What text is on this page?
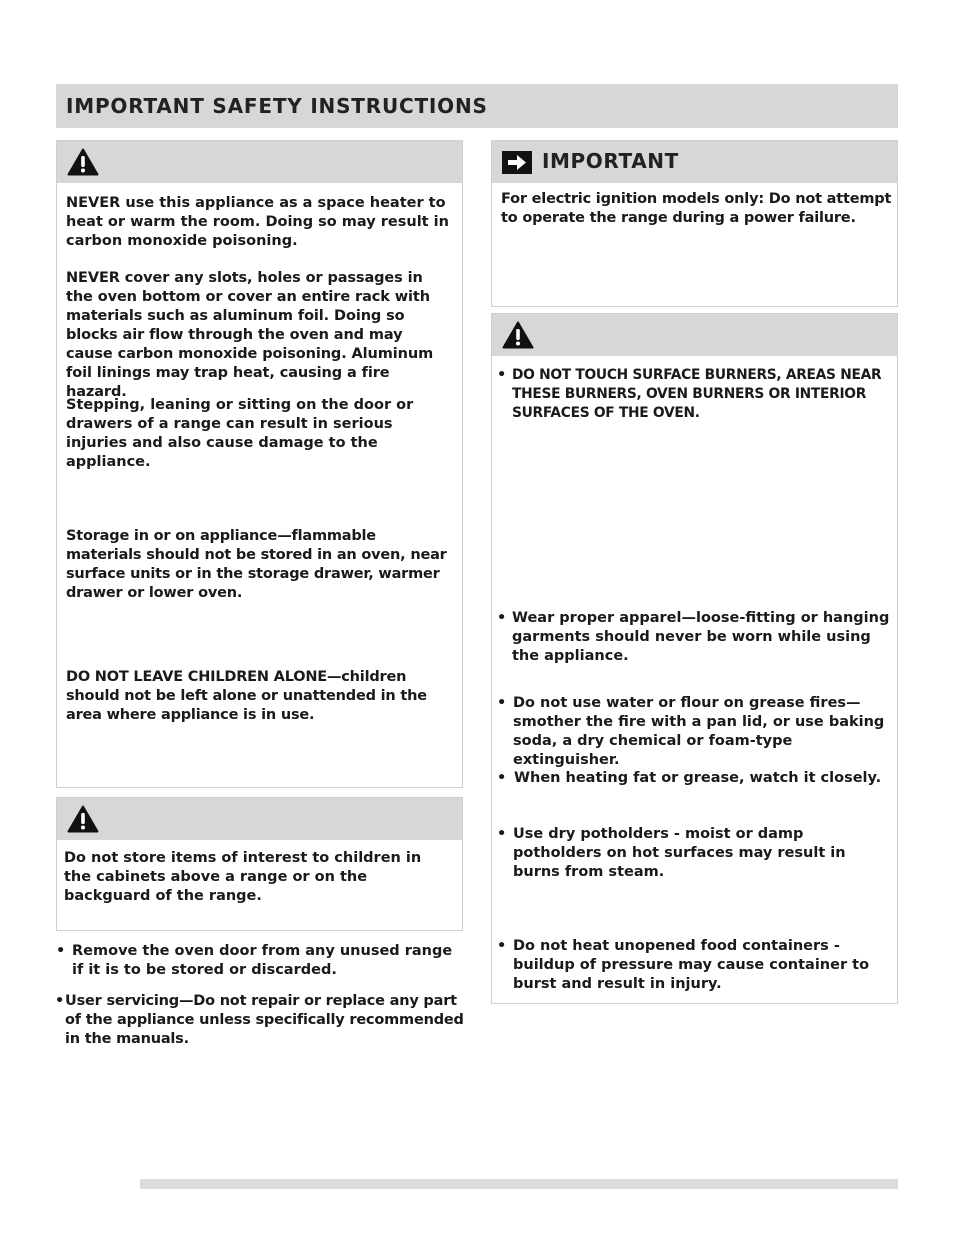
IMPORTANT SAFETY INSTRUCTIONS

NEVER use this appliance as a space heater to heat or warm the room. Doing so may result in carbon monoxide poisoning.

NEVER cover any slots, holes or passages in the oven bottom or cover an entire rack with materials such as aluminum foil. Doing so blocks air flow through the oven and may cause carbon monoxide poisoning. Aluminum foil linings may trap heat, causing a fire hazard.

Stepping, leaning or sitting on the door or drawers of a range can result in serious injuries and also cause damage to the appliance.

Storage in or on appliance—flammable materials should not be stored in an oven, near surface units or in the storage drawer, warmer drawer or lower oven.

DO NOT LEAVE CHILDREN ALONE—children should not be left alone or unattended in the area where appliance is in use.

Do not store items of interest to children in the cabinets above a range or on the backguard of the range.

• Remove the oven door from any unused range if it is to be stored or discarded.
• User servicing—Do not repair or replace any part of the appliance unless specifically recommended in the manuals.
IMPORTANT

For electric ignition models only: Do not attempt to operate the range during a power failure.

• DO NOT TOUCH SURFACE BURNERS, AREAS NEAR THESE BURNERS, OVEN BURNERS OR INTERIOR SURFACES OF THE OVEN.
• Wear proper apparel—loose-fitting or hanging garments should never be worn while using the appliance.
• Do not use water or flour on grease fires—smother the fire with a pan lid, or use baking soda, a dry chemical or foam-type extinguisher.
• When heating fat or grease, watch it closely.
• Use dry potholders - moist or damp potholders on hot surfaces may result in burns from steam.
• Do not heat unopened food containers - buildup of pressure may cause container to burst and result in injury.
